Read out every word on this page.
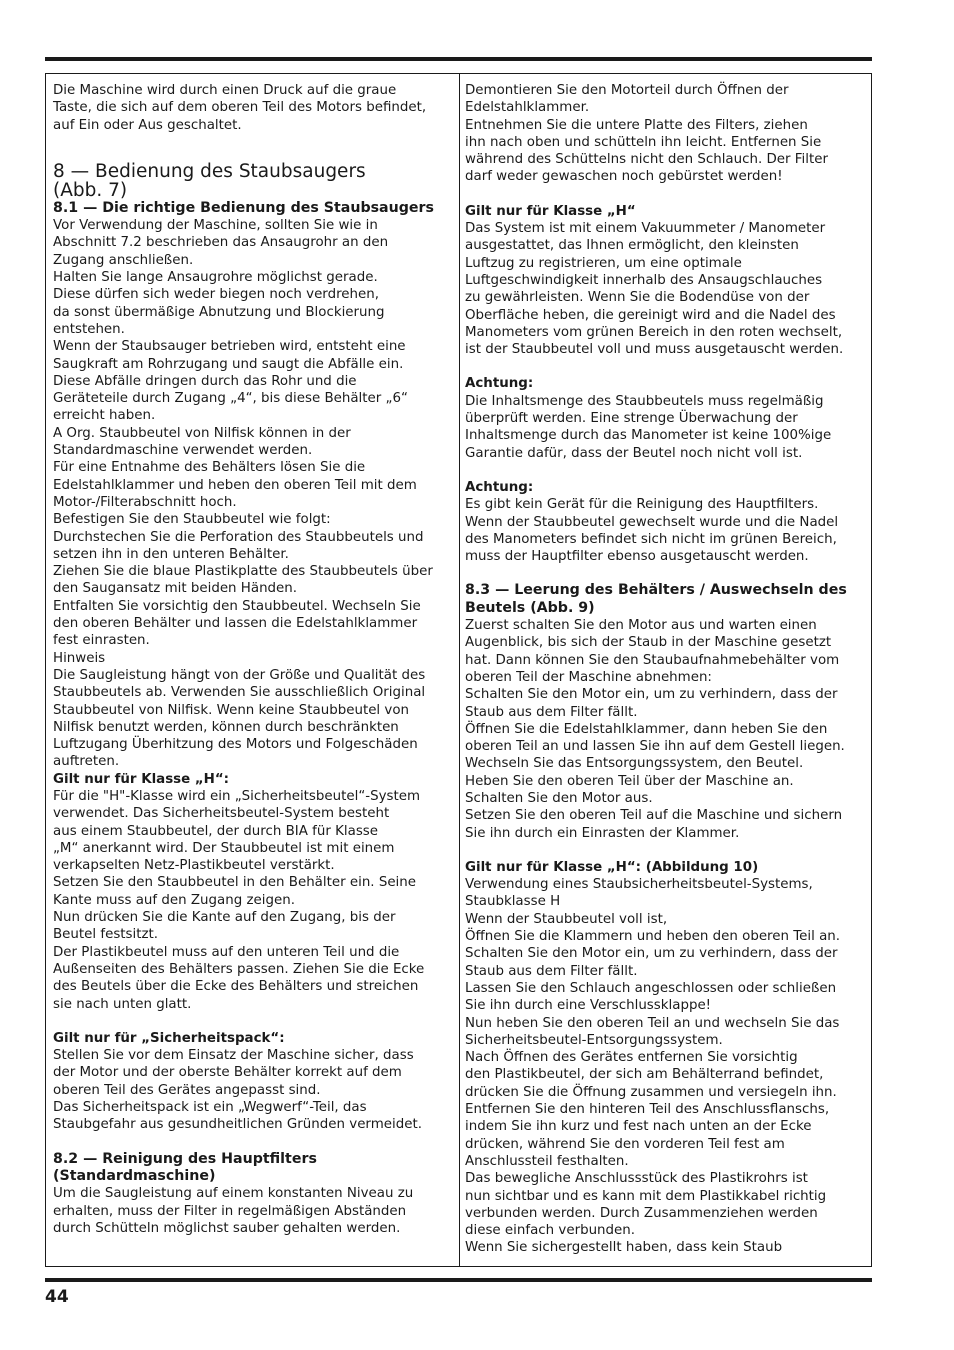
Die Maschine wird durch einen Druck auf die graue
Taste, die sich auf dem oberen Teil des Motors befindet,
auf Ein oder Aus geschaltet.

8 — Bedienung des Staubsaugers
(Abb. 7)
8.1 — Die richtige Bedienung des Staubsaugers

Vor Verwendung der Maschine, sollten Sie wie in
Abschnitt 7.2 beschrieben das Ansaugrohr an den
Zugang anschließen.
Halten Sie lange Ansaugrohre möglichst gerade.
Diese dürfen sich weder biegen noch verdrehen,
da sonst übermäßige Abnutzung und Blockierung
entstehen.
Wenn der Staubsauger betrieben wird, entsteht eine
Saugkraft am Rohrzugang und saugt die Abfälle ein.
Diese Abfälle dringen durch das Rohr und die
Geräteteile durch Zugang „4“, bis diese Behälter „6“
erreicht haben.
A Org. Staubbeutel von Nilfisk können in der
Standardmaschine verwendet werden.
Für eine Entnahme des Behälters lösen Sie die
Edelstahlklammer und heben den oberen Teil mit dem
Motor-/Filterabschnitt hoch.
Befestigen Sie den Staubbeutel wie folgt:
Durchstechen Sie die Perforation des Staubbeutels und
setzen ihn in den unteren Behälter.
Ziehen Sie die blaue Plastikplatte des Staubbeutels über
den Saugansatz mit beiden Händen.
Entfalten Sie vorsichtig den Staubbeutel. Wechseln Sie
den oberen Behälter und lassen die Edelstahlklammer
fest einrasten.
Hinweis
Die Saugleistung hängt von der Größe und Qualität des
Staubbeutels ab. Verwenden Sie ausschließlich Original
Staubbeutel von Nilfisk. Wenn keine Staubbeutel von
Nilfisk benutzt werden, können durch beschränkten
Luftzugang Überhitzung des Motors und Folgeschäden
auftreten.

Gilt nur für Klasse „H“:

Für die "H"-Klasse wird ein „Sicherheitsbeutel“-System
verwendet. Das Sicherheitsbeutel-System besteht
aus einem Staubbeutel, der durch BIA für Klasse
„M“ anerkannt wird. Der Staubbeutel ist mit einem
verkapselten Netz-Plastikbeutel verstärkt.
Setzen Sie den Staubbeutel in den Behälter ein. Seine
Kante muss auf den Zugang zeigen.
Nun drücken Sie die Kante auf den Zugang, bis der
Beutel festsitzt.
Der Plastikbeutel muss auf den unteren Teil und die
Außenseiten des Behälters passen. Ziehen Sie die Ecke
des Beutels über die Ecke des Behälters und streichen
sie nach unten glatt.

Gilt nur für „Sicherheitspack“:

Stellen Sie vor dem Einsatz der Maschine sicher, dass
der Motor und der oberste Behälter korrekt auf dem
oberen Teil des Gerätes angepasst sind.
Das Sicherheitspack ist ein „Wegwerf“-Teil, das
Staubgefahr aus gesundheitlichen Gründen vermeidet.

8.2 — Reinigung des Hauptfilters
(Standardmaschine)

Um die Saugleistung auf einem konstanten Niveau zu
erhalten, muss der Filter in regelmäßigen Abständen
durch Schütteln möglichst sauber gehalten werden.

Demontieren Sie den Motorteil durch Öffnen der
Edelstahlklammer.
Entnehmen Sie die untere Platte des Filters, ziehen
ihn nach oben und schütteln ihn leicht. Entfernen Sie
während des Schüttelns nicht den Schlauch. Der Filter
darf weder gewaschen noch gebürstet werden!

Gilt nur für Klasse „H“

Das System ist mit einem Vakuummeter / Manometer
ausgestattet, das Ihnen ermöglicht, den kleinsten
Luftzug zu registrieren, um eine optimale
Luftgeschwindigkeit innerhalb des Ansaugschlauches
zu gewährleisten. Wenn Sie die Bodendüse von der
Oberfläche heben, die gereinigt wird and die Nadel des
Manometers vom grünen Bereich in den roten wechselt,
ist der Staubbeutel voll und muss ausgetauscht werden.

Achtung:

Die Inhaltsmenge des Staubbeutels muss regelmäßig
überprüft werden. Eine strenge Überwachung der
Inhaltsmenge durch das Manometer ist keine 100%ige
Garantie dafür, dass der Beutel noch nicht voll ist.

Achtung:

Es gibt kein Gerät für die Reinigung des Hauptfilters.
Wenn der Staubbeutel gewechselt wurde und die Nadel
des Manometers befindet sich nicht im grünen Bereich,
muss der Hauptfilter ebenso ausgetauscht werden.

8.3 — Leerung des Behälters / Auswechseln des
Beutels (Abb. 9)

Zuerst schalten Sie den Motor aus und warten einen
Augenblick, bis sich der Staub in der Maschine gesetzt
hat. Dann können Sie den Staubaufnahmebehälter vom
oberen Teil der Maschine abnehmen:
Schalten Sie den Motor ein, um zu verhindern, dass der
Staub aus dem Filter fällt.
Öffnen Sie die Edelstahlklammer, dann heben Sie den
oberen Teil an und lassen Sie ihn auf dem Gestell liegen.
Wechseln Sie das Entsorgungssystem, den Beutel.
Heben Sie den oberen Teil über der Maschine an.
Schalten Sie den Motor aus.
Setzen Sie den oberen Teil auf die Maschine und sichern
Sie ihn durch ein Einrasten der Klammer.

Gilt nur für Klasse „H“: (Abbildung 10)

Verwendung eines Staubsicherheitsbeutel-Systems,
Staubklasse H
Wenn der Staubbeutel voll ist,
Öffnen Sie die Klammern und heben den oberen Teil an.
Schalten Sie den Motor ein, um zu verhindern, dass der
Staub aus dem Filter fällt.
Lassen Sie den Schlauch angeschlossen oder schließen
Sie ihn durch eine Verschlussklappe!
Nun heben Sie den oberen Teil an und wechseln Sie das
Sicherheitsbeutel-Entsorgungssystem.
Nach Öffnen des Gerätes entfernen Sie vorsichtig
den Plastikbeutel, der sich am Behälterrand befindet,
drücken Sie die Öffnung zusammen und versiegeln ihn.
Entfernen Sie den hinteren Teil des Anschlussflanschs,
indem Sie ihn kurz und fest nach unten an der Ecke
drücken, während Sie den vorderen Teil fest am
Anschlussteil festhalten.
Das bewegliche Anschlussstück des Plastikrohrs ist
nun sichtbar und es kann mit dem Plastikkabel richtig
verbunden werden. Durch Zusammenziehen werden
diese einfach verbunden.
Wenn Sie sichergestellt haben, dass kein Staub

44
